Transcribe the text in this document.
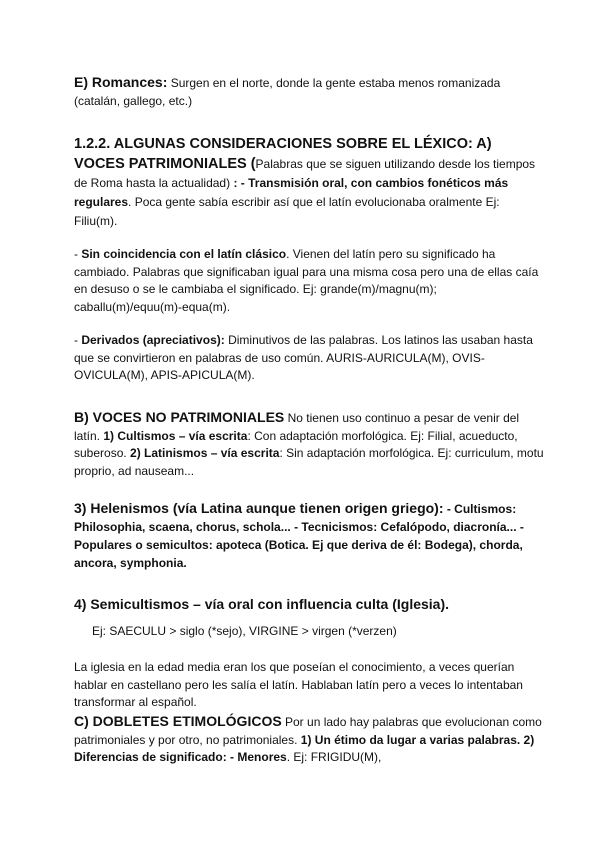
E) Romances: Surgen en el norte, donde la gente estaba menos romanizada (catalán, gallego, etc.)
1.2.2. ALGUNAS CONSIDERACIONES SOBRE EL LÉXICO: A) VOCES PATRIMONIALES (Palabras que se siguen utilizando desde los tiempos de Roma hasta la actualidad) : - Transmisión oral, con cambios fonéticos más regulares. Poca gente sabía escribir así que el latín evolucionaba oralmente Ej: Filiu(m).
- Sin coincidencia con el latín clásico. Vienen del latín pero su significado ha cambiado. Palabras que significaban igual para una misma cosa pero una de ellas caía en desuso o se le cambiaba el significado. Ej: grande(m)/magnu(m); caballu(m)/equu(m)-equa(m).
- Derivados (apreciativos): Diminutivos de las palabras. Los latinos las usaban hasta que se convirtieron en palabras de uso común. AURIS-AURICULA(M), OVIS-OVICULA(M), APIS-APICULA(M).
B) VOCES NO PATRIMONIALES No tienen uso continuo a pesar de venir del latín. 1) Cultismos – vía escrita: Con adaptación morfológica. Ej: Filial, acueducto, suberoso. 2) Latinismos – vía escrita: Sin adaptación morfológica. Ej: curriculum, motu proprio, ad nauseam...
3) Helenismos (vía Latina aunque tienen origen griego): - Cultismos: Philosophia, scaena, chorus, schola... - Tecnicismos: Cefalópodo, diacronía... - Populares o semicultos: apoteca (Botica. Ej que deriva de él: Bodega), chorda, ancora, symphonia.
4) Semicultismos – vía oral con influencia culta (Iglesia).
Ej: SAECULU > siglo (*sejo), VIRGINE > virgen (*verzen)
La iglesia en la edad media eran los que poseían el conocimiento, a veces querían hablar en castellano pero les salía el latín. Hablaban latín pero a veces lo intentaban transformar al español.
C) DOBLETES ETIMOLÓGICOS Por un lado hay palabras que evolucionan como patrimoniales y por otro, no patrimoniales. 1) Un étimo da lugar a varias palabras. 2) Diferencias de significado: - Menores. Ej: FRIGIDU(M),
